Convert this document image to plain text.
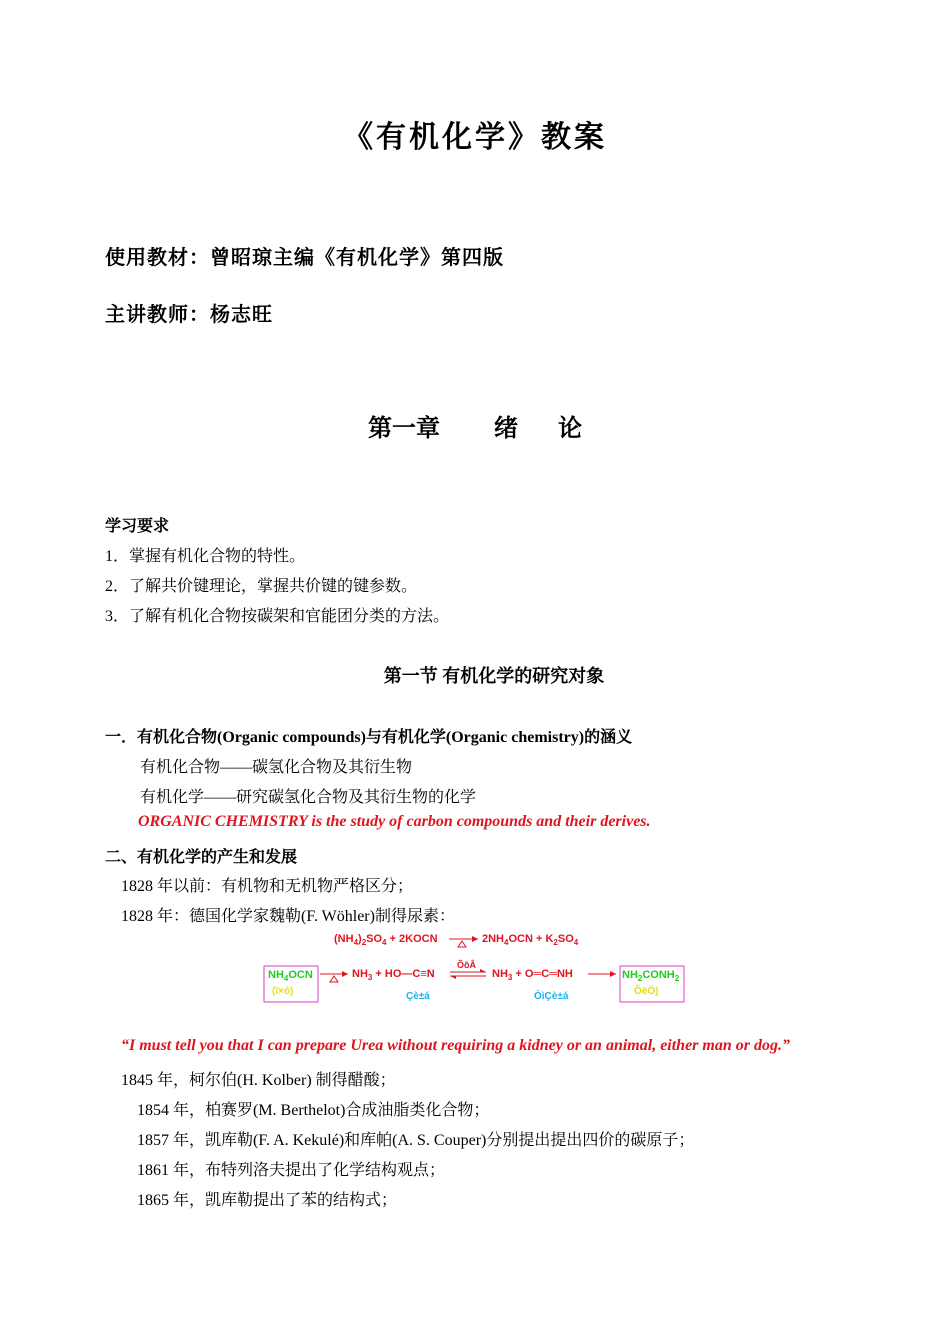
《有机化学》教案
使用教材：曾昭琼主编《有机化学》第四版
主讲教师：杨志旺
第一章 绪 论
学习要求
1．掌握有机化合物的特性。
2．了解共价键理论，掌握共价键的键参数。
3．了解有机化合物按碳架和官能团分类的方法。
第一节 有机化学的研究对象
一．有机化合物(Organic compounds)与有机化学(Organic chemistry)的涵义
有机化合物——碳氢化合物及其衍生物
有机化学——研究碳氢化合物及其衍生物的化学
ORGANIC CHEMISTRY is the study of carbon compounds and their derives.
二、有机化学的产生和发展
1828 年以前：有机物和无机物严格区分；
1828 年：德国化学家魏勒(F. Wöhler)制得尿素：
$(NH_4)_2SO_4$ + 2KOCN	$2NH_4OCN + K_2SO_4$
$NH_4OCN$
(ï×ó)
$NH_3$ + HO—C≡N
Çè±á
ÕõÂ
$NH_3$ + O═C═NH
ÒìÇè±á
$NH_2CONH_2$
ÕëÖ)
“I must tell you that I can prepare Urea without requiring a kidney or an animal, either man or dog.”
1845 年，柯尔伯(H. Kolber) 制得醋酸；
1854 年，柏赛罗(M. Berthelot)合成油脂类化合物；
1857 年，凯库勒(F. A. Kekulé)和库帕(A. S. Couper)分别提出提出四价的碳原子；
1861 年，布特列洛夫提出了化学结构观点；
1865 年，凯库勒提出了苯的结构式；
